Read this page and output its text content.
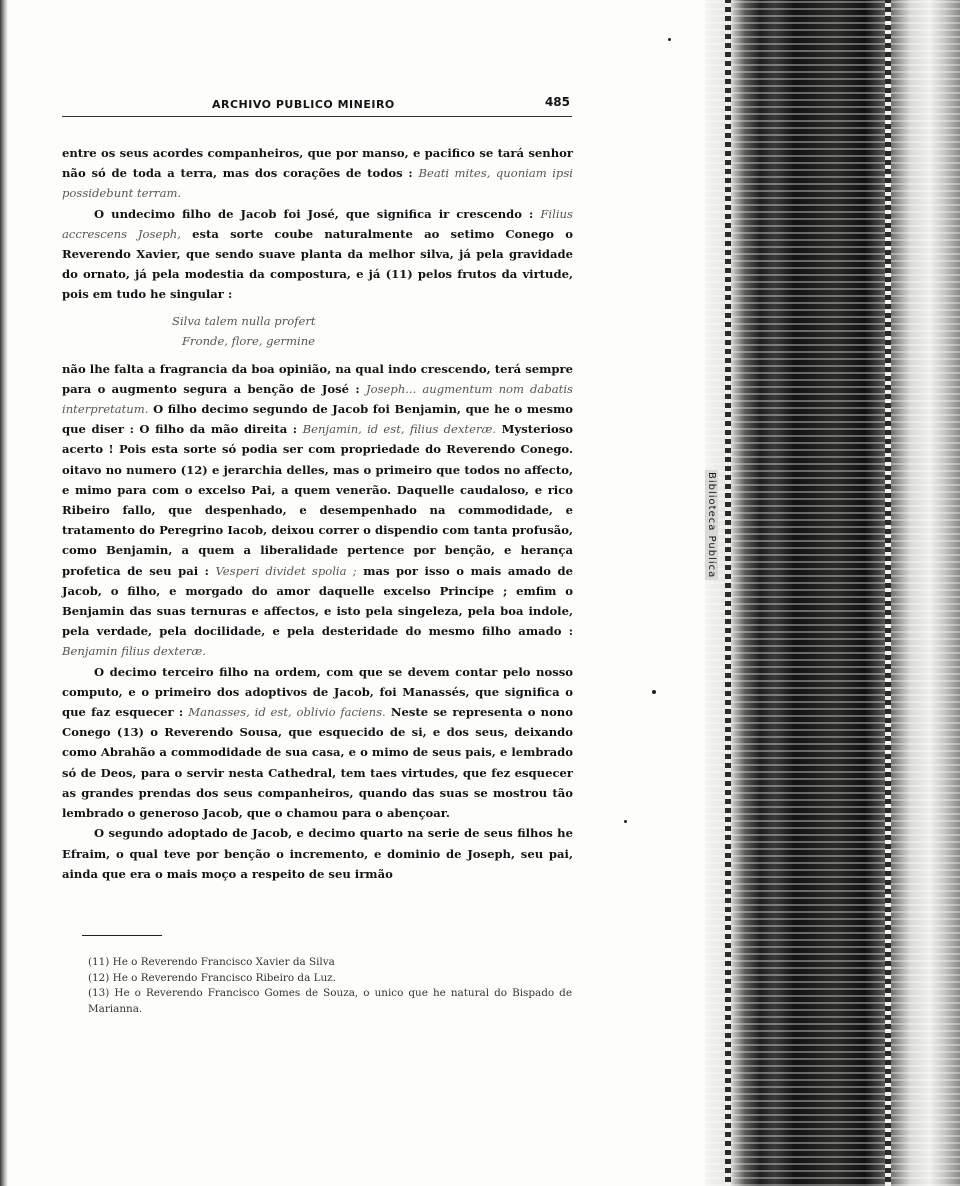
ARCHIVO PUBLICO MINEIRO	485

entre os seus acordes companheiros, que por manso, e pacifico se tará senhor não só de toda a terra, mas dos corações de todos : Beati mites, quoniam ipsi possidebunt terram.

O undecimo filho de Jacob foi José, que significa ir crescendo : Filius accrescens Joseph, esta sorte coube naturalmente ao setimo Conego o Reverendo Xavier, que sendo suave planta da melhor silva, já pela gravidade do ornato, já pela modestia da compostura, e já (11) pelos frutos da virtude, pois em tudo he singular :

Silva talem nulla profert
Fronde, flore, germine

não lhe falta a fragrancia da boa opinião, na qual indo crescendo, terá sempre para o augmento segura a benção de José : Joseph... augmentum nom dabatis interpretatum. O filho decimo segundo de Jacob foi Benjamin, que he o mesmo que diser : O filho da mão direita : Benjamin, id est, filius dexteræ. Mysterioso acerto ! Pois esta sorte só podia ser com propriedade do Reverendo Conego. oitavo no numero (12) e jerarchia delles, mas o primeiro que todos no affecto, e mimo para com o excelso Pai, a quem venerão. Daquelle caudaloso, e rico Ribeiro fallo, que despenhado, e desempenhado na commodidade, e tratamento do Peregrino Iacob, deixou correr o dispendio com tanta profusão, como Benjamin, a quem a liberalidade pertence por benção, e herança profetica de seu pai : Vesperi dividet spolia ; mas por isso o mais amado de Jacob, o filho, e morgado do amor daquelle excelso Principe ; emfim o Benjamin das suas ternuras e affectos, e isto pela singeleza, pela boa indole, pela verdade, pela docilidade, e pela desteridade do mesmo filho amado : Benjamin filius dexteræ.

O decimo terceiro filho na ordem, com que se devem contar pelo nosso computo, e o primeiro dos adoptivos de Jacob, foi Manassés, que significa o que faz esquecer : Manasses, id est, oblivio faciens. Neste se representa o nono Conego (13) o Reverendo Sousa, que esquecido de si, e dos seus, deixando como Abrahão a commodidade de sua casa, e o mimo de seus pais, e lembrado só de Deos, para o servir nesta Cathedral, tem taes virtudes, que fez esquecer as grandes prendas dos seus companheiros, quando das suas se mostrou tão lembrado o generoso Jacob, que o chamou para o abençoar.

O segundo adoptado de Jacob, e decimo quarto na serie de seus filhos he Efraim, o qual teve por benção o incremento, e dominio de Joseph, seu pai, ainda que era o mais moço a respeito de seu irmão

(11) He o Reverendo Francisco Xavier da Silva
(12) He o Reverendo Francisco Ribeiro da Luz.
(13) He o Reverendo Francisco Gomes de Souza, o unico que he natural do Bispado de Marianna.
Biblioteca Publica
